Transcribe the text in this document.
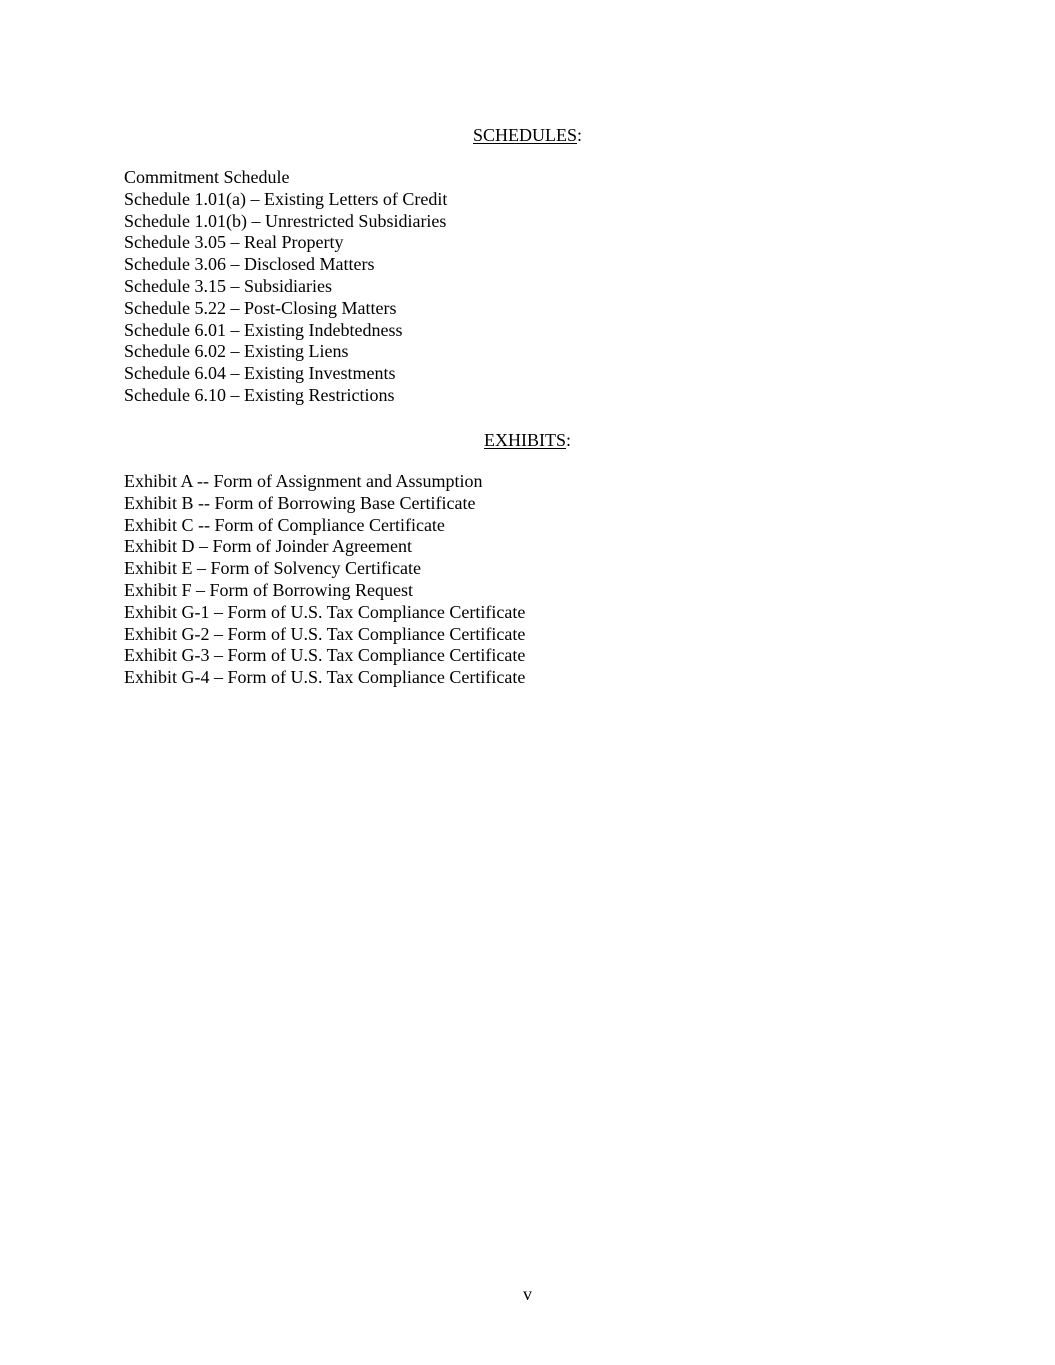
SCHEDULES:
Commitment Schedule
Schedule 1.01(a) – Existing Letters of Credit
Schedule 1.01(b) – Unrestricted Subsidiaries
Schedule 3.05 – Real Property
Schedule 3.06 – Disclosed Matters
Schedule 3.15 – Subsidiaries
Schedule 5.22 – Post-Closing Matters
Schedule 6.01 – Existing Indebtedness
Schedule 6.02 – Existing Liens
Schedule 6.04 – Existing Investments
Schedule 6.10 – Existing Restrictions
EXHIBITS:
Exhibit A -- Form of Assignment and Assumption
Exhibit B -- Form of Borrowing Base Certificate
Exhibit C -- Form of Compliance Certificate
Exhibit D – Form of Joinder Agreement
Exhibit E – Form of Solvency Certificate
Exhibit F – Form of Borrowing Request
Exhibit G-1 – Form of U.S. Tax Compliance Certificate
Exhibit G-2 – Form of U.S. Tax Compliance Certificate
Exhibit G-3 – Form of U.S. Tax Compliance Certificate
Exhibit G-4 – Form of U.S. Tax Compliance Certificate
v
